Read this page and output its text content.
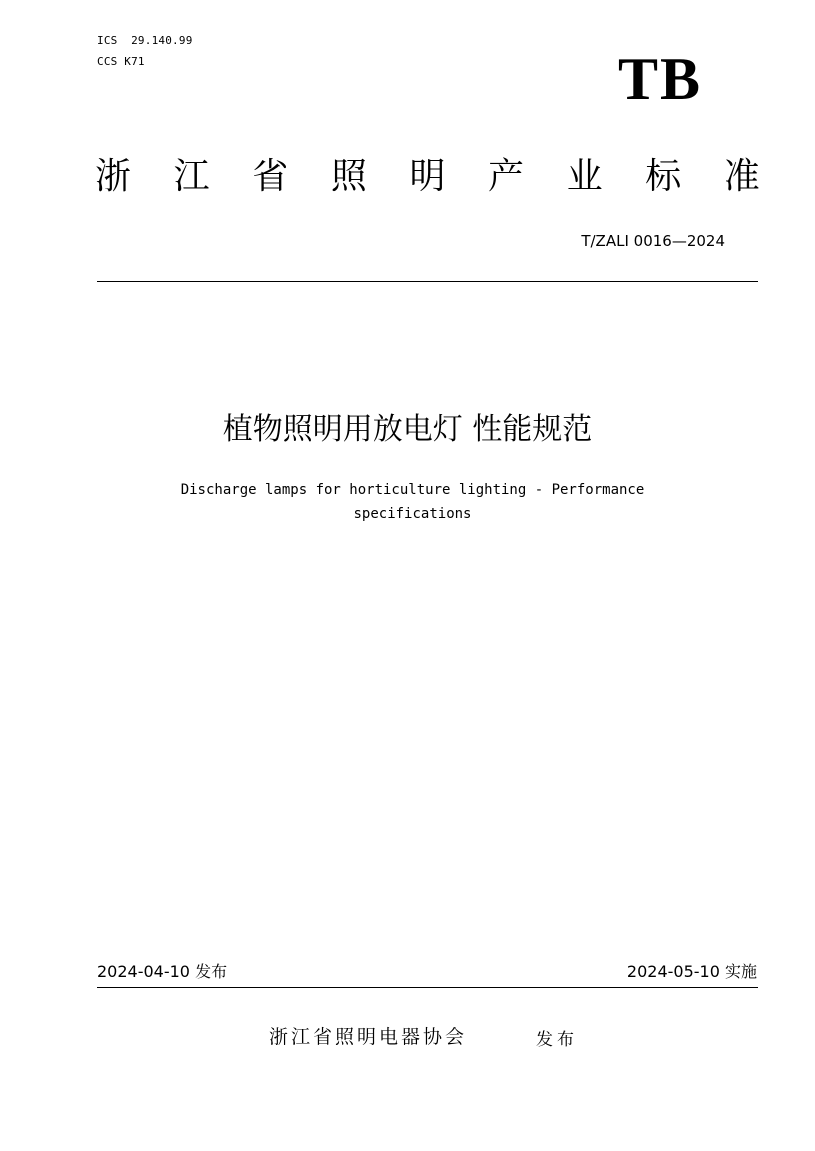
ICS  29.140.99
CCS K71	TB
浙 江 省 照 明 产 业 标 准
T/ZALI 0016—2024
植物照明用放电灯 性能规范
Discharge lamps for horticulture lighting - Performance
specifications
2024-04-10 发布	2024-05-10 实施
浙江省照明电器协会	发布
